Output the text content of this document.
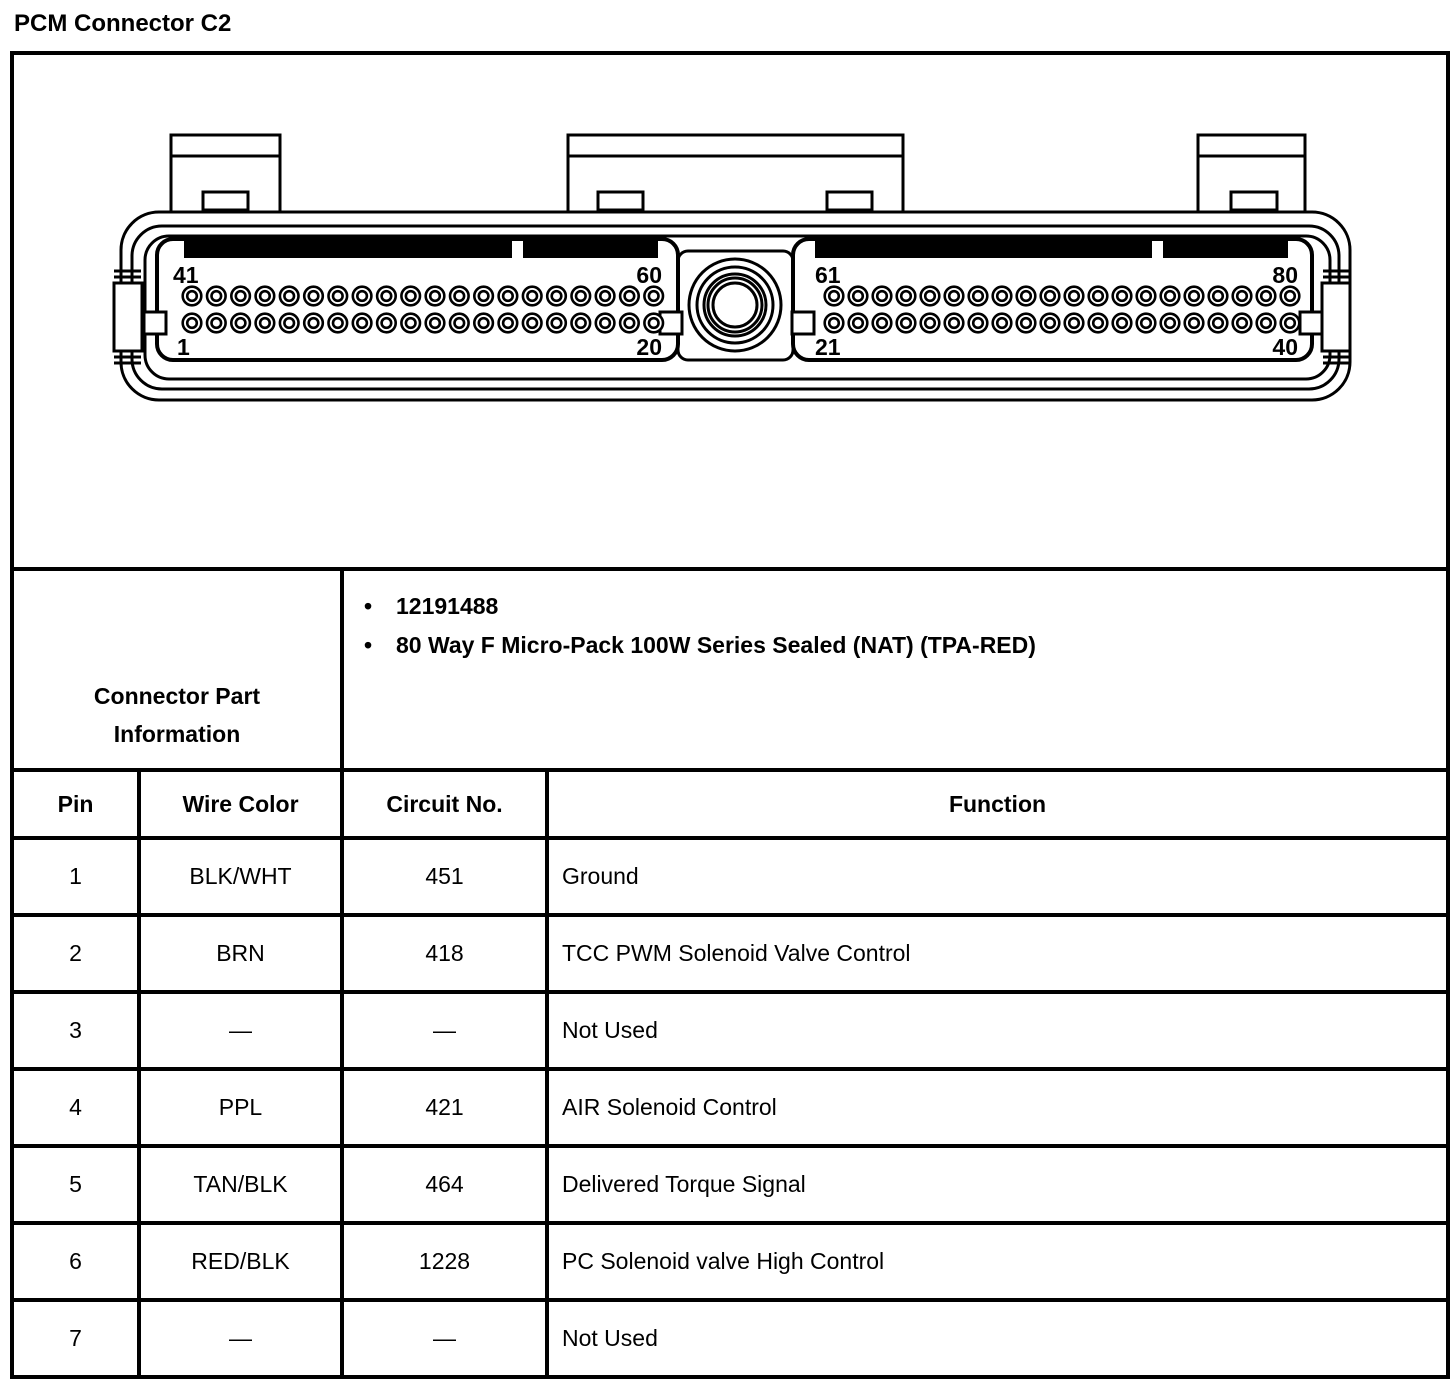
PCM Connector C2
41	60
1	20
61	80
21	40
Connector Part Information		• 12191488
• 80 Way F Micro-Pack 100W Series Sealed (NAT) (TPA-RED)	

Pin	Wire Color	Circuit No.	Function
1	BLK/WHT	451	Ground
2	BRN	418	TCC PWM Solenoid Valve Control
3	—	—	Not Used
4	PPL	421	AIR Solenoid Control
5	TAN/BLK	464	Delivered Torque Signal
6	RED/BLK	1228	PC Solenoid valve High Control
7	—	—	Not Used
